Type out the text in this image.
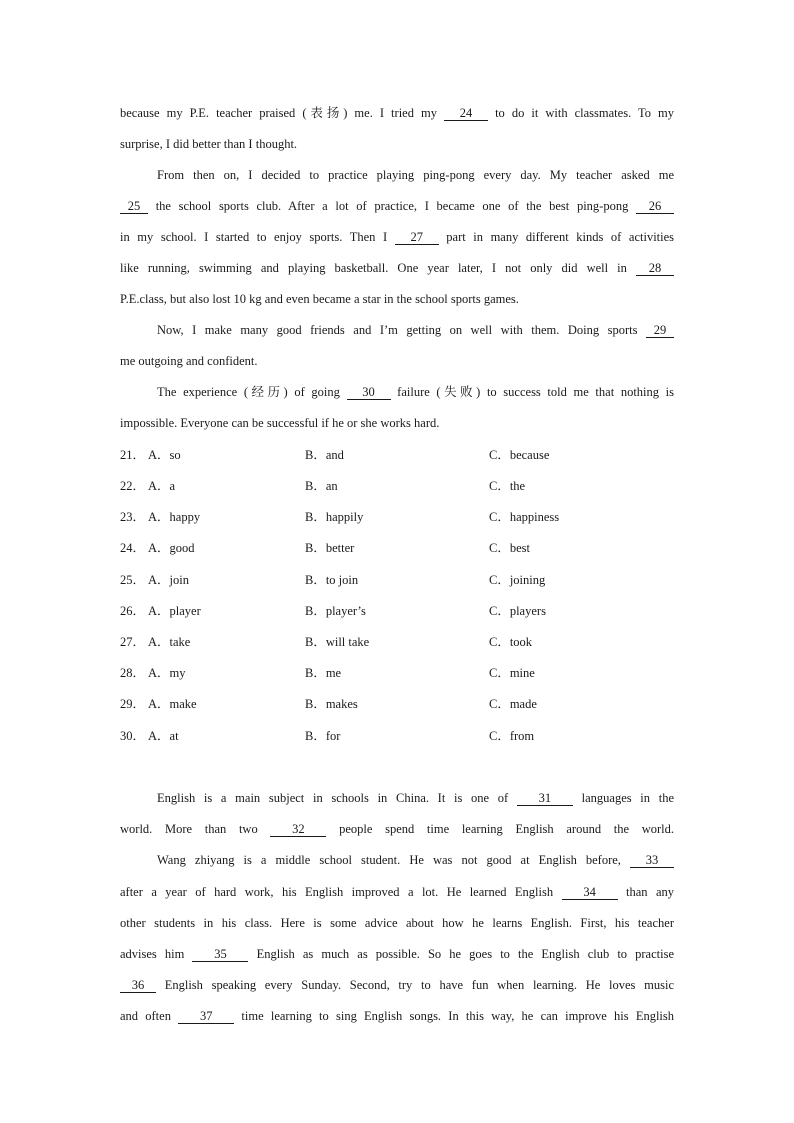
because my P.E. teacher praised (表扬) me. I tried my 24 to do it with classmates. To my
surprise, I did better than I thought.
From then on, I decided to practice playing ping-pong every day. My teacher asked me
25 the school sports club. After a lot of practice, I became one of the best ping-pong 26
in my school. I started to enjoy sports. Then I 27 part in many different kinds of activities
like running, swimming and playing basketball. One year later, I not only did well in 28
P.E.class, but also lost 10 kg and even became a star in the school sports games.
Now, I make many good friends and I’m getting on well with them. Doing sports 29
me outgoing and confident.
The experience (经历) of going 30 failure (失败) to success told me that nothing is
impossible. Everyone can be successful if he or she works hard.
21． A．so	B．and	C．because
22． A．a	B．an	C．the
23． A．happy	B．happily	C．happiness
24． A．good	B．better	C．best
25． A．join	B．to join	C．joining
26． A．player	B．player’s	C．players
27． A．take	B．will take	C．took
28． A．my	B．me	C．mine
29． A．make	B．makes	C．made
30． A．at	B．for	C．from
English is a main subject in schools in China. It is one of 31 languages in the
world. More than two	32	people spend time learning English around the world.
Wang zhiyang is a middle school student. He was not good at English before, 33
after a year of hard work, his English improved a lot. He learned English 34 than any
other students in his class. Here is some advice about how he learns English. First, his teacher
advises him 35 English as much as possible. So he goes to the English club to practise
36 English speaking every Sunday. Second, try to have fun when learning. He loves music
and often 37 time learning to sing English songs. In this way, he can improve his English
